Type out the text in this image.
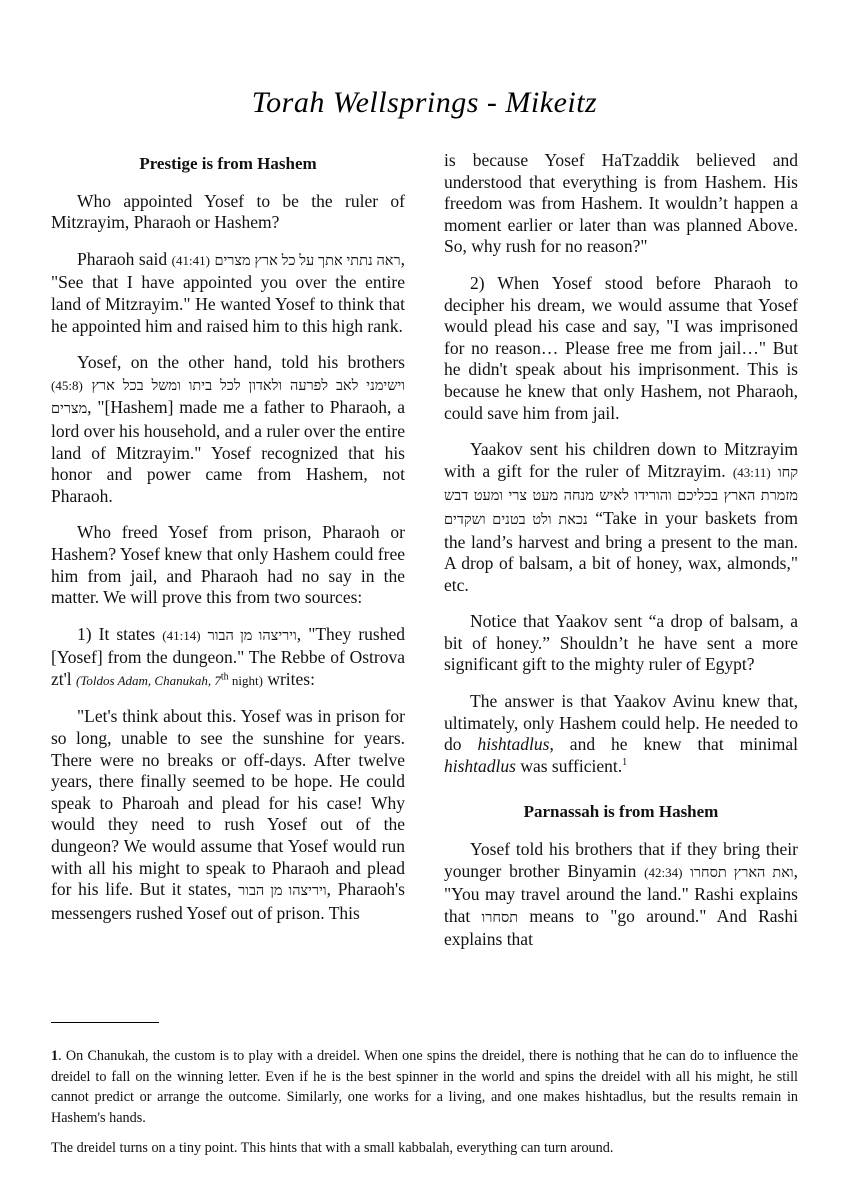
Torah Wellsprings - Mikeitz
Prestige is from Hashem

Who appointed Yosef to be the ruler of Mitzrayim, Pharaoh or Hashem?

Pharaoh said (41:41) ראה נתתי אתך על כל ארץ מצרים, "See that I have appointed you over the entire land of Mitzrayim." He wanted Yosef to think that he appointed him and raised him to this high rank.

Yosef, on the other hand, told his brothers (45:8) וישימני לאב לפרעה ולאדון לכל ביתו ומשל בכל ארץ מצרים, "[Hashem] made me a father to Pharaoh, a lord over his household, and a ruler over the entire land of Mitzrayim." Yosef recognized that his honor and power came from Hashem, not Pharaoh.

Who freed Yosef from prison, Pharaoh or Hashem? Yosef knew that only Hashem could free him from jail, and Pharaoh had no say in the matter. We will prove this from two sources:

1) It states (41:14) ויריצהו מן הבור, "They rushed [Yosef] from the dungeon." The Rebbe of Ostrova zt'l (Toldos Adam, Chanukah, 7th night) writes:

"Let's think about this. Yosef was in prison for so long, unable to see the sunshine for years. There were no breaks or off-days. After twelve years, there finally seemed to be hope. He could speak to Pharoah and plead for his case! Why would they need to rush Yosef out of the dungeon? We would assume that Yosef would run with all his might to speak to Pharaoh and plead for his life. But it states, ויריצהו מן הבור, Pharaoh's messengers rushed Yosef out of prison. This

is because Yosef HaTzaddik believed and understood that everything is from Hashem. His freedom was from Hashem. It wouldn’t happen a moment earlier or later than was planned Above. So, why rush for no reason?"

2) When Yosef stood before Pharaoh to decipher his dream, we would assume that Yosef would plead his case and say, "I was imprisoned for no reason… Please free me from jail…" But he didn't speak about his imprisonment. This is because he knew that only Hashem, not Pharaoh, could save him from jail.

Yaakov sent his children down to Mitzrayim with a gift for the ruler of Mitzrayim. (43:11) קחו מזמרת הארץ בכליכם והורידו לאיש מנחה מעט צרי ומעט דבש נכאת ולט בטנים ושקדים “Take in your baskets from the land’s harvest and bring a present to the man. A drop of balsam, a bit of honey, wax, almonds," etc.

Notice that Yaakov sent “a drop of balsam, a bit of honey.” Shouldn’t he have sent a more significant gift to the mighty ruler of Egypt?

The answer is that Yaakov Avinu knew that, ultimately, only Hashem could help. He needed to do hishtadlus, and he knew that minimal hishtadlus was sufficient.$^1$

Parnassah is from Hashem

Yosef told his brothers that if they bring their younger brother Binyamin (42:34) ואת הארץ תסחרו, "You may travel around the land." Rashi explains that תסחרו means to "go around." And Rashi explains that

1. On Chanukah, the custom is to play with a dreidel. When one spins the dreidel, there is nothing that he can do to influence the dreidel to fall on the winning letter. Even if he is the best spinner in the world and spins the dreidel with all his might, he still cannot predict or arrange the outcome. Similarly, one works for a living, and one makes hishtadlus, but the results remain in Hashem's hands.

The dreidel turns on a tiny point. This hints that with a small kabbalah, everything can turn around.
